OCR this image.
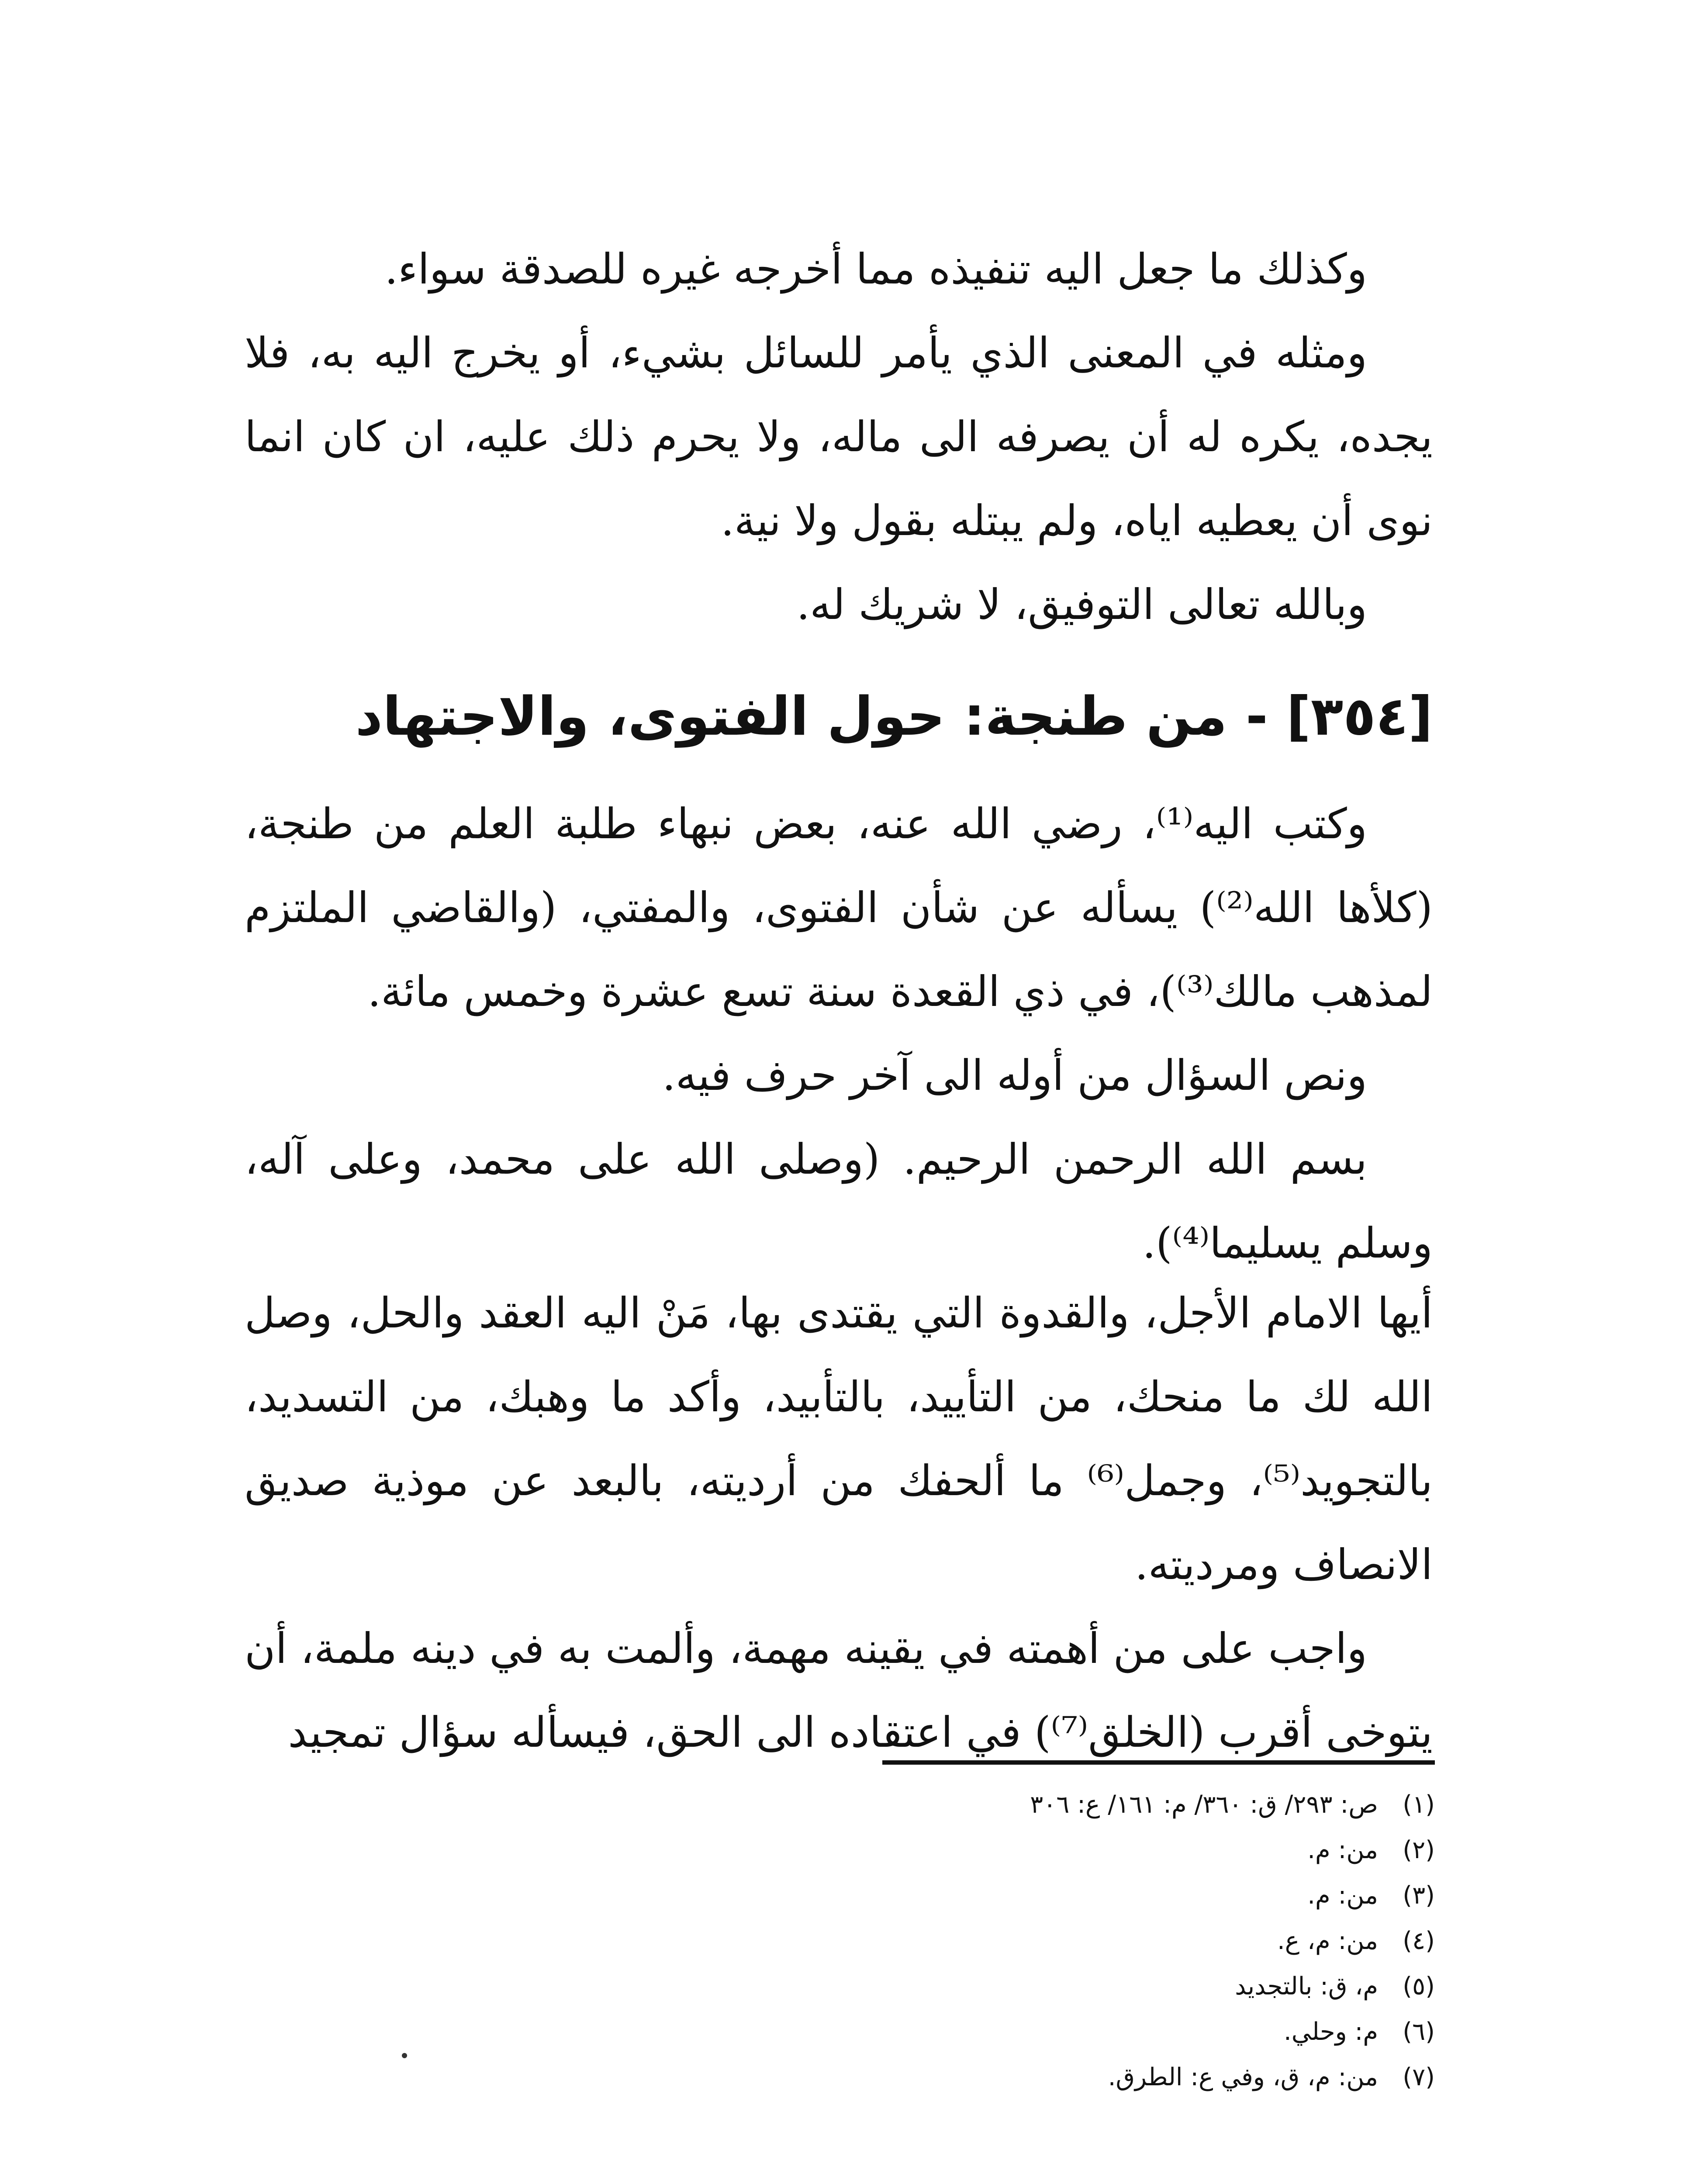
وكذلك ما جعل اليه تنفيذه مما أخرجه غيره للصدقة سواء.

ومثله في المعنى الذي يأمر للسائل بشيء، أو يخرج اليه به، فلا يجده، يكره له أن يصرفه الى ماله، ولا يحرم ذلك عليه، ان كان انما نوى أن يعطيه اياه، ولم يبتله بقول ولا نية.

وبالله تعالى التوفيق، لا شريك له.

[٣٥٤] - من طنجة: حول الفتوى، والاجتهاد

وكتب اليه⁽¹⁾، رضي الله عنه، بعض نبهاء طلبة العلم من طنجة، (كلأها الله⁽²⁾) يسأله عن شأن الفتوى، والمفتي، (والقاضي الملتزم لمذهب مالك⁽³⁾)، في ذي القعدة سنة تسع عشرة وخمس مائة.

ونص السؤال من أوله الى آخر حرف فيه.

بسم الله الرحمن الرحيم. (وصلى الله على محمد، وعلى آله، وسلم يسليما⁽⁴⁾).

أيها الامام الأجل، والقدوة التي يقتدى بها، مَنْ اليه العقد والحل، وصل الله لك ما منحك، من التأييد، بالتأبيد، وأكد ما وهبك، من التسديد، بالتجويد⁽⁵⁾، وجمل⁽⁶⁾ ما ألحفك من أرديته، بالبعد عن موذية صديق الانصاف ومرديته.

واجب على من أهمته في يقينه مهمة، وألمت به في دينه ملمة، أن يتوخى أقرب (الخلق⁽⁷⁾) في اعتقاده الى الحق، فيسأله سؤال تمجيد

(١)ص: ٢٩٣/ ق: ٣٦٠/ م: ١٦١/ ع: ٣٠٦

(٢)من: م.

(٣)من: م.

(٤)من: م، ع.

(٥)م، ق: بالتجديد

(٦)م: وحلي.

(٧)من: م، ق، وفي ع: الطرق.
